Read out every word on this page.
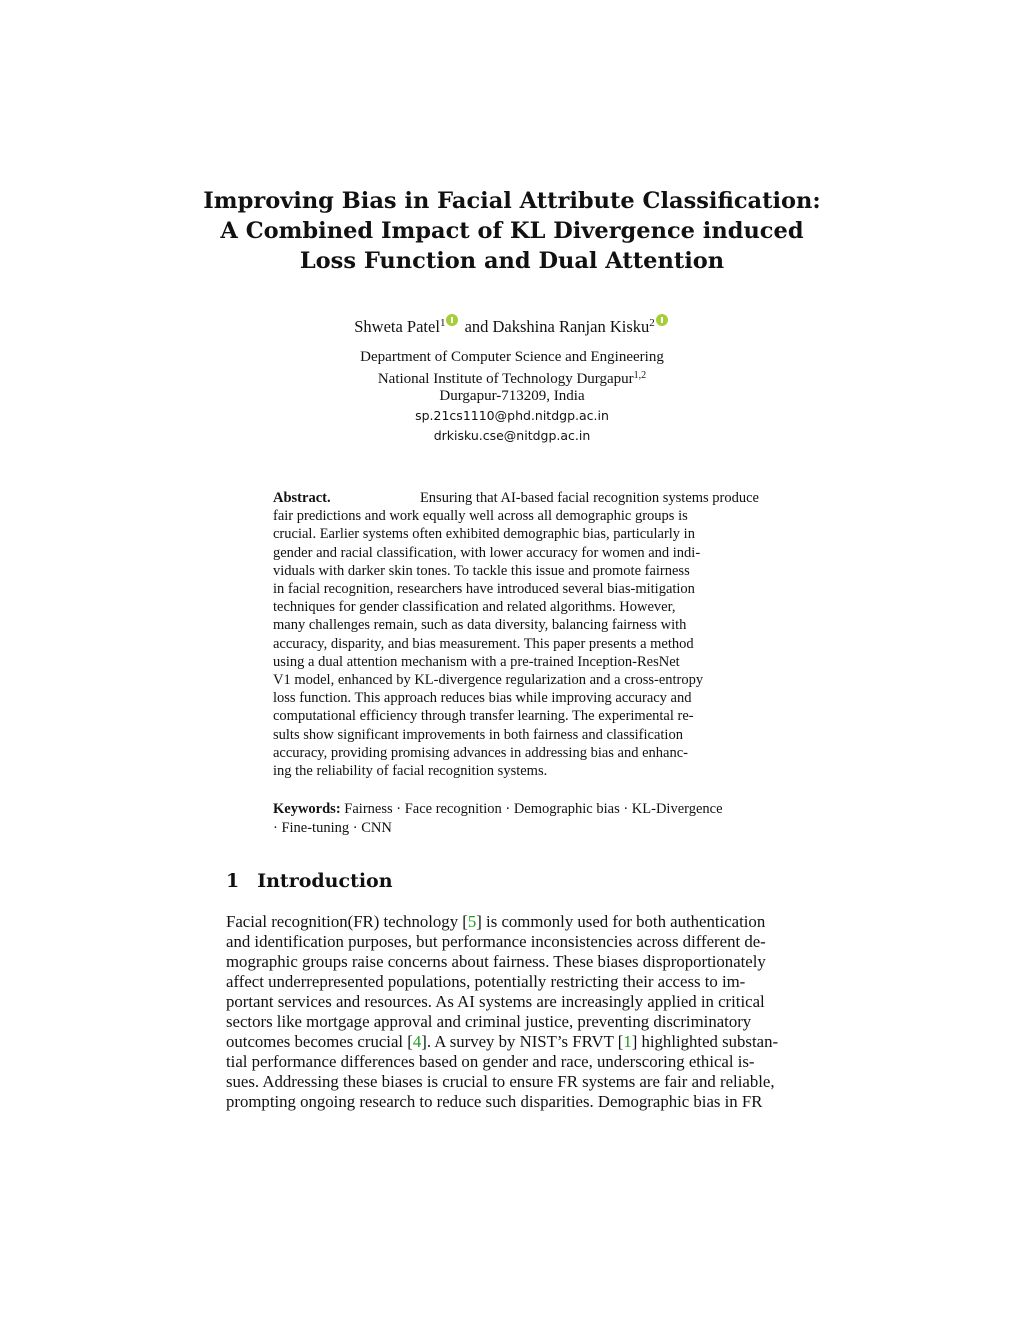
Improving Bias in Facial Attribute Classification:
A Combined Impact of KL Divergence induced
Loss Function and Dual Attention
Shweta Patel$^1$ and Dakshina Ranjan Kisku$^2$
Department of Computer Science and Engineering
National Institute of Technology Durgapur$^{1,2}$
Durgapur-713209, India
sp.21cs1110@phd.nitdgp.ac.in
drkisku.cse@nitdgp.ac.in
Abstract.	Ensuring that AI-based facial recognition systems produce
fair predictions and work equally well across all demographic groups is
crucial. Earlier systems often exhibited demographic bias, particularly in
gender and racial classification, with lower accuracy for women and indi-
viduals with darker skin tones. To tackle this issue and promote fairness
in facial recognition, researchers have introduced several bias-mitigation
techniques for gender classification and related algorithms. However,
many challenges remain, such as data diversity, balancing fairness with
accuracy, disparity, and bias measurement. This paper presents a method
using a dual attention mechanism with a pre-trained Inception-ResNet
V1 model, enhanced by KL-divergence regularization and a cross-entropy
loss function. This approach reduces bias while improving accuracy and
computational efficiency through transfer learning. The experimental re-
sults show significant improvements in both fairness and classification
accuracy, providing promising advances in addressing bias and enhanc-
ing the reliability of facial recognition systems.
Keywords: Fairness · Face recognition · Demographic bias · KL-Divergence
· Fine-tuning · CNN
1 Introduction
Facial recognition(FR) technology [5] is commonly used for both authentication
and identification purposes, but performance inconsistencies across different de-
mographic groups raise concerns about fairness. These biases disproportionately
affect underrepresented populations, potentially restricting their access to im-
portant services and resources. As AI systems are increasingly applied in critical
sectors like mortgage approval and criminal justice, preventing discriminatory
outcomes becomes crucial [4]. A survey by NIST’s FRVT [1] highlighted substan-
tial performance differences based on gender and race, underscoring ethical is-
sues. Addressing these biases is crucial to ensure FR systems are fair and reliable,
prompting ongoing research to reduce such disparities. Demographic bias in FR
